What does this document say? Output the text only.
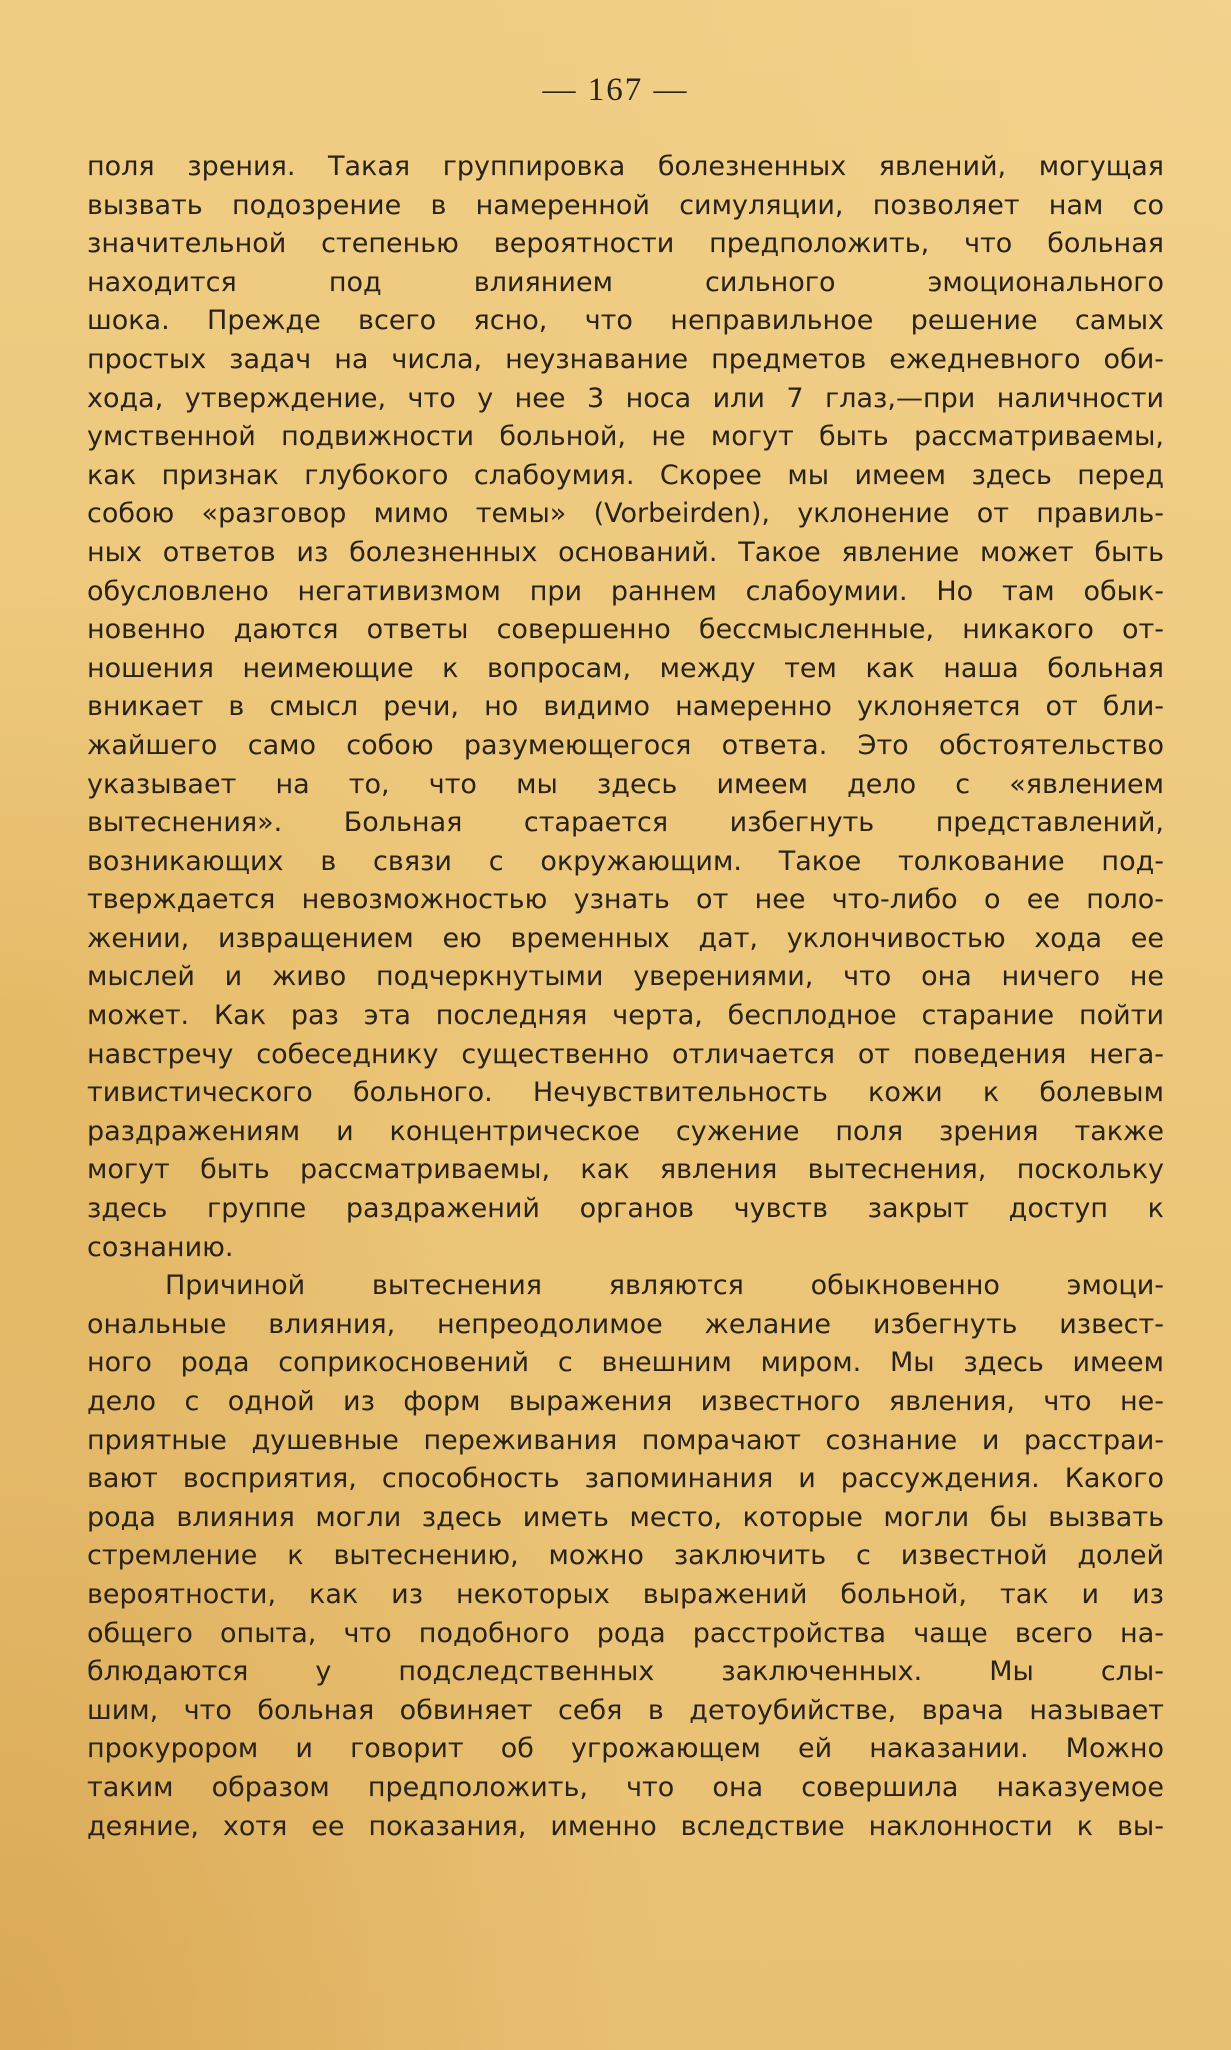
— 167 —
поля зрения. Такая группировка болезненных явлений, могущая
вызвать подозрение в намеренной симуляции, позволяет нам со
значительной степенью вероятности предположить, что больная
находится под влиянием сильного эмоционального
шока. Прежде всего ясно, что неправильное решение самых
простых задач на числа, неузнавание предметов ежедневного оби-
хода, утверждение, что у нее 3 носа или 7 глаз,—при наличности
умственной подвижности больной, не могут быть рассматриваемы,
как признак глубокого слабоумия. Скорее мы имеем здесь перед
собою «разговор мимо темы» (Vorbeirden), уклонение от правиль-
ных ответов из болезненных оснований. Такое явление может быть
обусловлено негативизмом при раннем слабоумии. Но там обык-
новенно даются ответы совершенно бессмысленные, никакого от-
ношения неимеющие к вопросам, между тем как наша больная
вникает в смысл речи, но видимо намеренно уклоняется от бли-
жайшего само собою разумеющегося ответа. Это обстоятельство
указывает на то, что мы здесь имеем дело с «явлением
вытеснения». Больная старается избегнуть представлений,
возникающих в связи с окружающим. Такое толкование под-
тверждается невозможностью узнать от нее что-либо о ее поло-
жении, извращением ею временных дат, уклончивостью хода ее
мыслей и живо подчеркнутыми уверениями, что она ничего не
может. Как раз эта последняя черта, бесплодное старание пойти
навстречу собеседнику существенно отличается от поведения нега-
тивистического больного. Нечувствительность кожи к болевым
раздражениям и концентрическое сужение поля зрения также
могут быть рассматриваемы, как явления вытеснения, поскольку
здесь группе раздражений органов чувств закрыт доступ к
сознанию.
Причиной вытеснения являются обыкновенно эмоци-
ональные влияния, непреодолимое желание избегнуть извест-
ного рода соприкосновений с внешним миром. Мы здесь имеем
дело с одной из форм выражения известного явления, что не-
приятные душевные переживания помрачают сознание и расстраи-
вают восприятия, способность запоминания и рассуждения. Какого
рода влияния могли здесь иметь место, которые могли бы вызвать
стремление к вытеснению, можно заключить с известной долей
вероятности, как из некоторых выражений больной, так и из
общего опыта, что подобного рода расстройства чаще всего на-
блюдаются у подследственных заключенных. Мы слы-
шим, что больная обвиняет себя в детоубийстве, врача называет
прокурором и говорит об угрожающем ей наказании. Можно
таким образом предположить, что она совершила наказуемое
деяние, хотя ее показания, именно вследствие наклонности к вы-
